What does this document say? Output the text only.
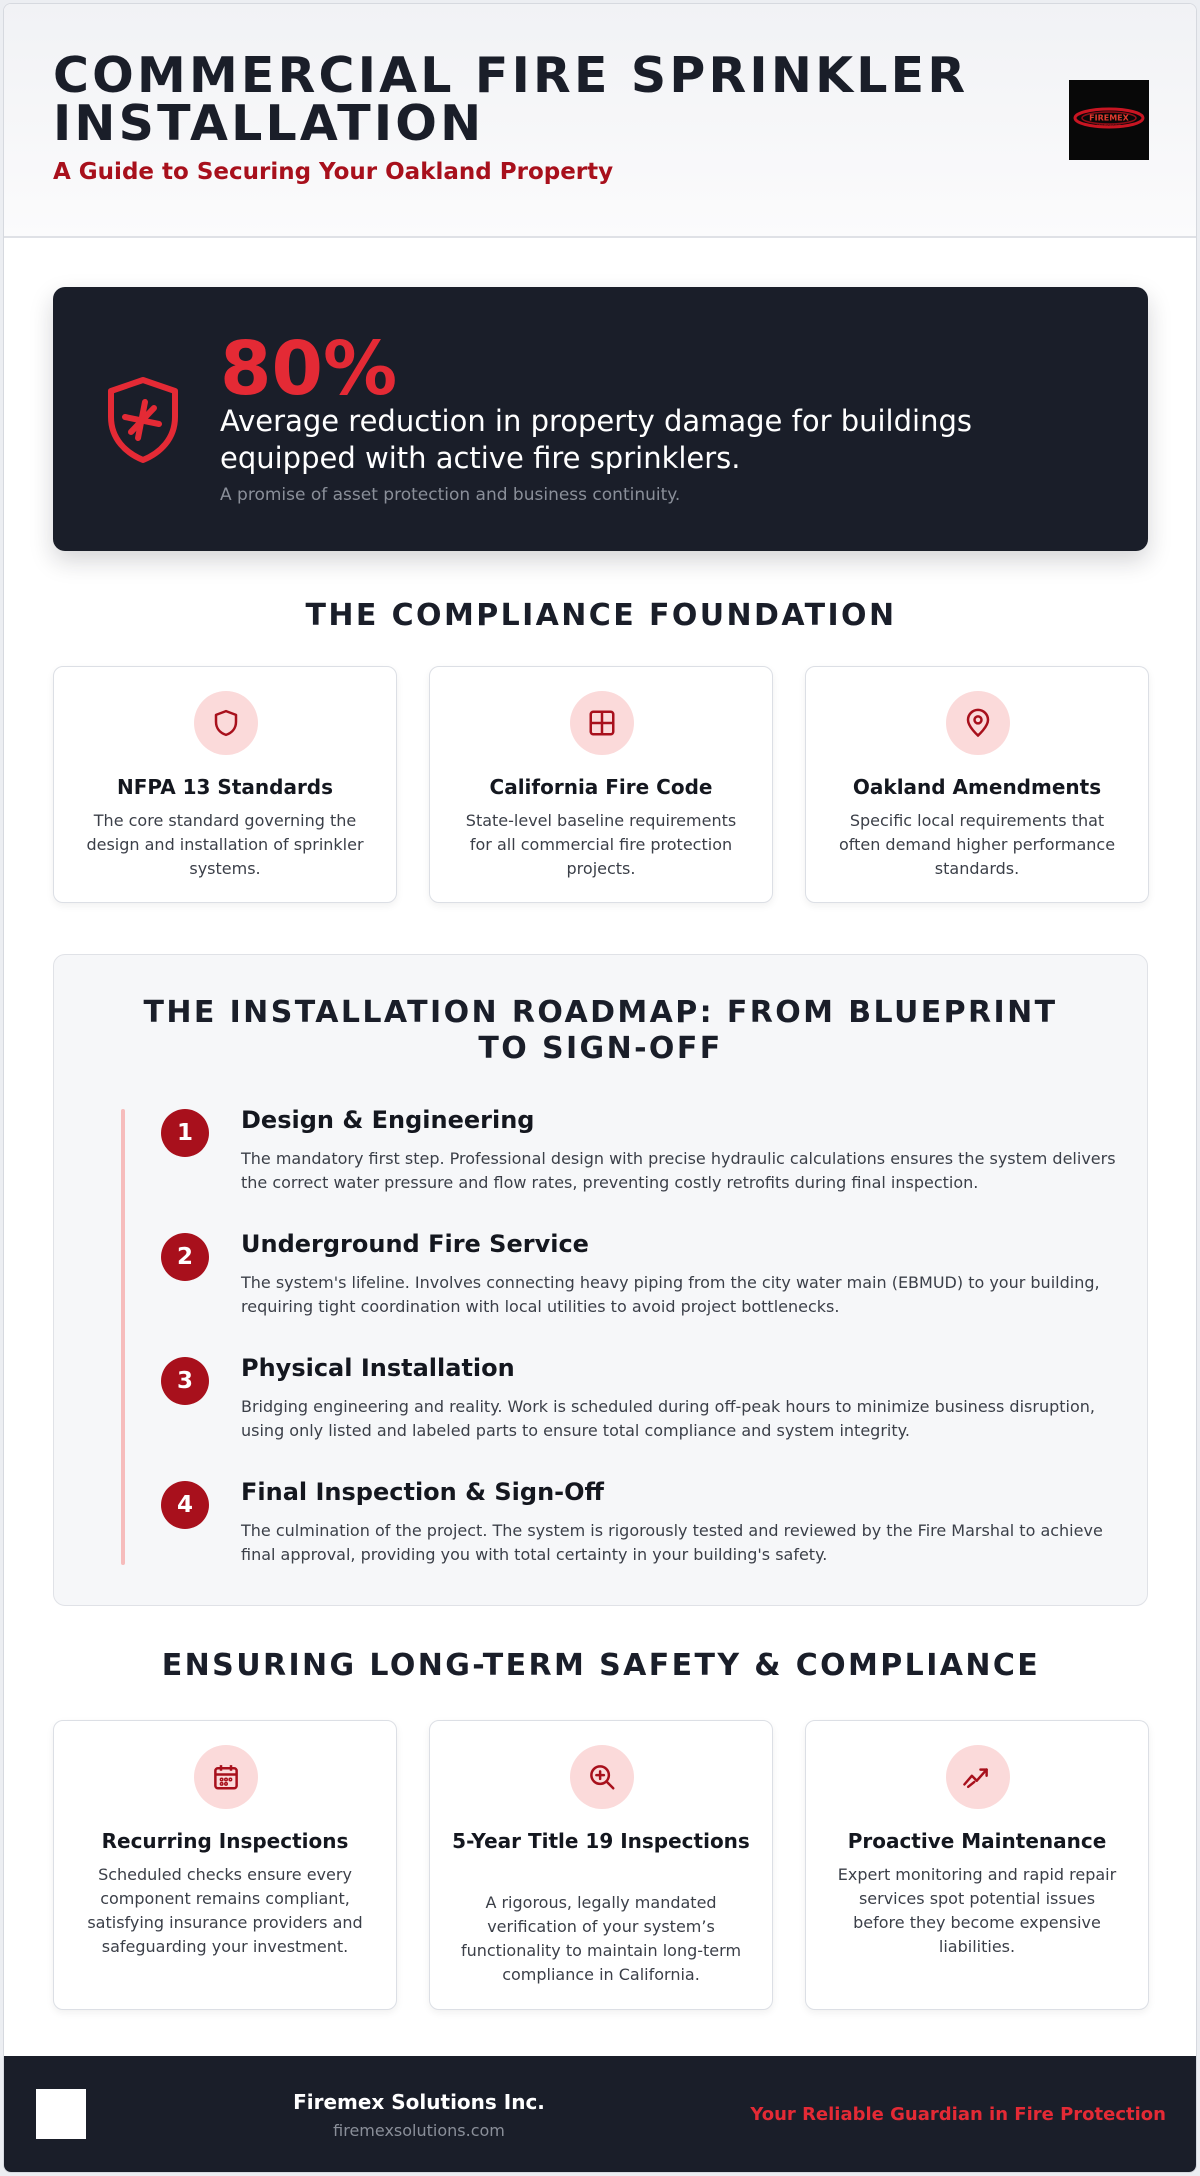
COMMERCIAL FIRE SPRINKLER INSTALLATION
A Guide to Securing Your Oakland Property
FIREMEX
SOLUTIONS INC.
80%
Average reduction in property damage for buildings equipped with active fire sprinklers.
A promise of asset protection and business continuity.
THE COMPLIANCE FOUNDATION
NFPA 13 Standards
The core standard governing the design and installation of sprinkler systems.
California Fire Code
State-level baseline requirements for all commercial fire protection projects.
Oakland Amendments
Specific local requirements that often demand higher performance standards.
THE INSTALLATION ROADMAP: FROM BLUEPRINT TO SIGN-OFF
1	Design & Engineering
The mandatory first step. Professional design with precise hydraulic calculations ensures the system delivers the correct water pressure and flow rates, preventing costly retrofits during final inspection.
2	Underground Fire Service
The system's lifeline. Involves connecting heavy piping from the city water main (EBMUD) to your building, requiring tight coordination with local utilities to avoid project bottlenecks.
3	Physical Installation
Bridging engineering and reality. Work is scheduled during off-peak hours to minimize business disruption, using only listed and labeled parts to ensure total compliance and system integrity.
4	Final Inspection & Sign-Off
The culmination of the project. The system is rigorously tested and reviewed by the Fire Marshal to achieve final approval, providing you with total certainty in your building's safety.
ENSURING LONG-TERM SAFETY & COMPLIANCE
Recurring Inspections
Scheduled checks ensure every component remains compliant, satisfying insurance providers and safeguarding your investment.
5-Year Title 19 Inspections
A rigorous, legally mandated verification of your system’s functionality to maintain long-term compliance in California.
Proactive Maintenance
Expert monitoring and rapid repair services spot potential issues before they become expensive liabilities.
Firemex Solutions Inc.
firemexsolutions.com
Your Reliable Guardian in Fire Protection
